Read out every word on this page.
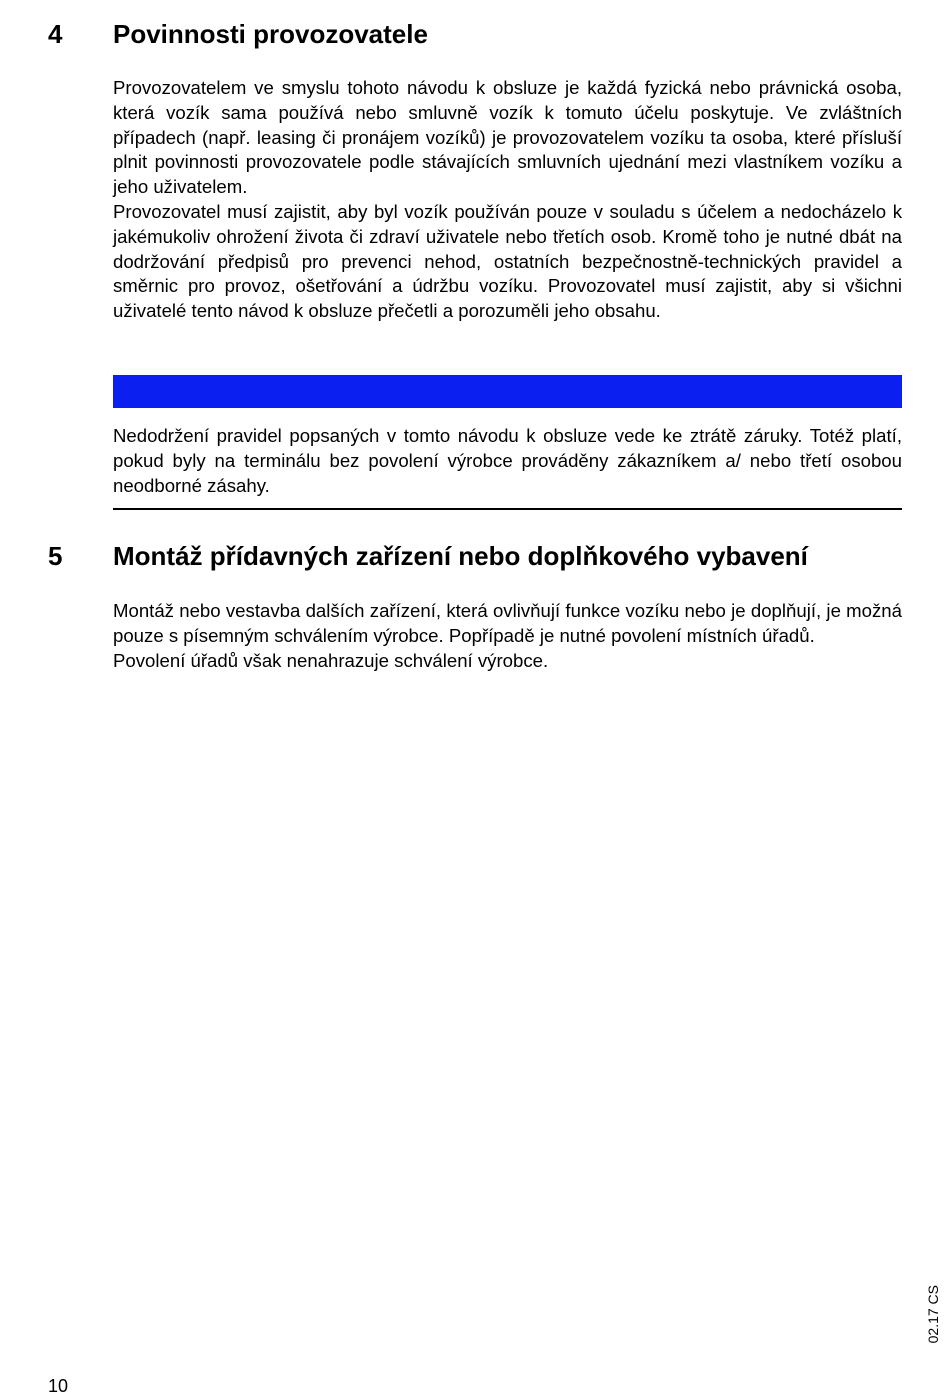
4 Povinnosti provozovatele

Provozovatelem ve smyslu tohoto návodu k obsluze je každá fyzická nebo právnická osoba, která vozík sama používá nebo smluvně vozík k tomuto účelu poskytuje. Ve zvláštních případech (např. leasing či pronájem vozíků) je provozovatelem vozíku ta osoba, které přísluší plnit povinnosti provozovatele podle stávajících smluvních ujednání mezi vlastníkem vozíku a jeho uživatelem.

Provozovatel musí zajistit, aby byl vozík používán pouze v souladu s účelem a nedocházelo k jakémukoliv ohrožení života či zdraví uživatele nebo třetích osob. Kromě toho je nutné dbát na dodržování předpisů pro prevenci nehod, ostatních bezpečnostně-technických pravidel a směrnic pro provoz, ošetřování a údržbu vozíku. Provozovatel musí zajistit, aby si všichni uživatelé tento návod k obsluze přečetli a porozuměli jeho obsahu.

Nedodržení pravidel popsaných v tomto návodu k obsluze vede ke ztrátě záruky. Totéž platí, pokud byly na terminálu bez povolení výrobce prováděny zákazníkem a/ nebo třetí osobou neodborné zásahy.

5 Montáž přídavných zařízení nebo doplňkového vybavení

Montáž nebo vestavba dalších zařízení, která ovlivňují funkce vozíku nebo je doplňují, je možná pouze s písemným schválením výrobce. Popřípadě je nutné povolení místních úřadů.

Povolení úřadů však nenahrazuje schválení výrobce.

02.17 CS
10
